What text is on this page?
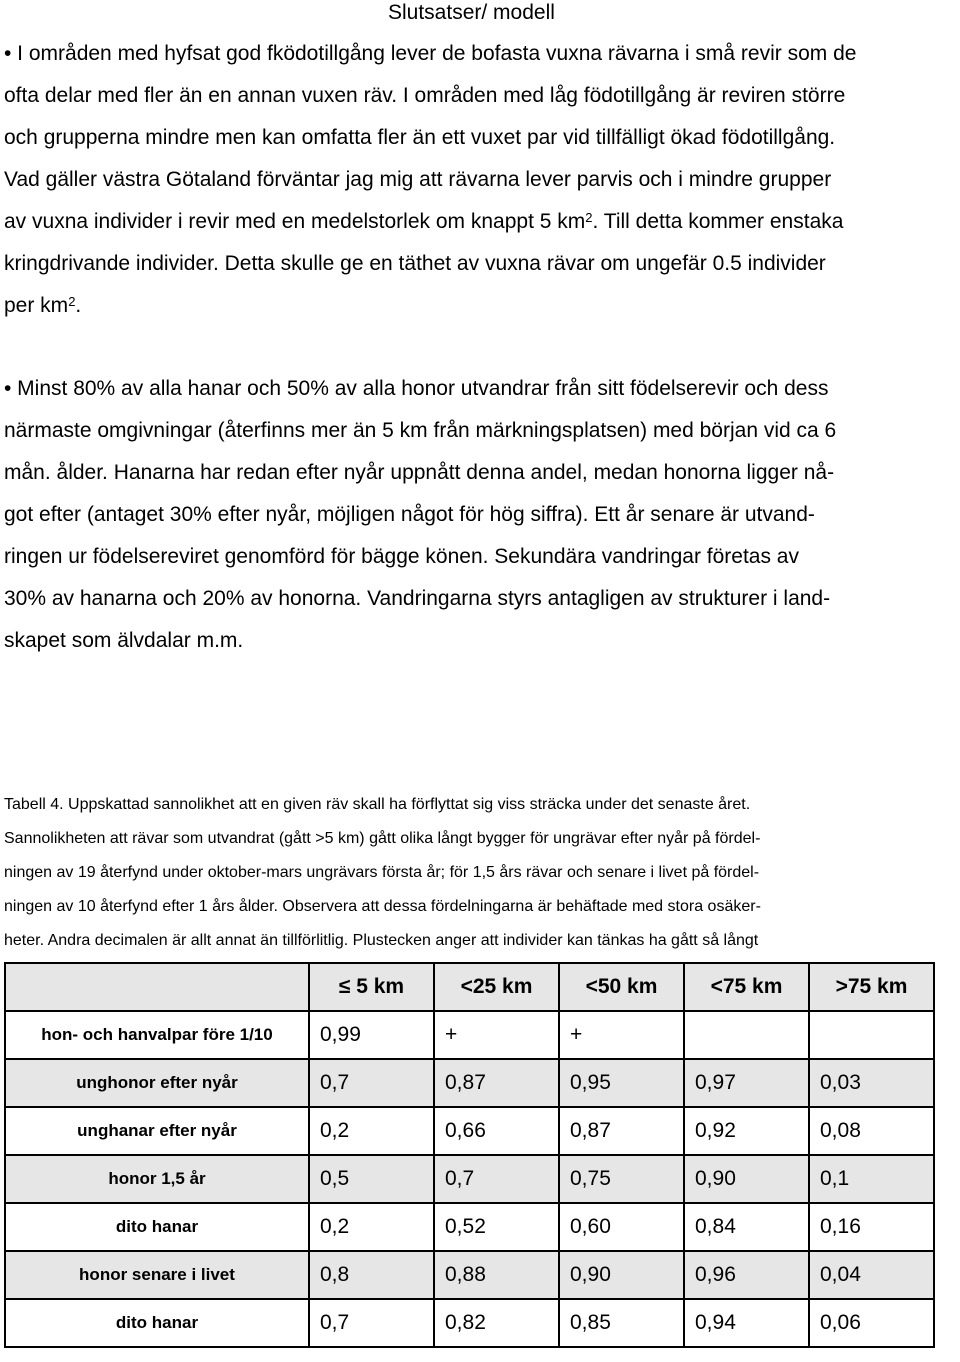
Slutsatser/ modell
• I områden med hyfsat god fködotillgång lever de bofasta vuxna rävarna i små revir som de
ofta delar med fler än en annan vuxen räv. I områden med låg födotillgång är reviren större
och grupperna mindre men kan omfatta fler än ett vuxet par vid tillfälligt ökad födotillgång.
Vad gäller västra Götaland förväntar jag mig att rävarna lever parvis och i mindre grupper
av vuxna individer i revir med en medelstorlek om knappt 5 $km^2$. Till detta kommer enstaka
kringdrivande individer. Detta skulle ge en täthet av vuxna rävar om ungefär 0.5 individer
per $km^2$.
• Minst 80% av alla hanar och 50% av alla honor utvandrar från sitt födelserevir och dess
närmaste omgivningar (återfinns mer än 5 km från märkningsplatsen) med början vid ca 6
mån. ålder. Hanarna har redan efter nyår uppnått denna andel, medan honorna ligger nå-
got efter (antaget 30% efter nyår, möjligen något för hög siffra). Ett år senare är utvand-
ringen ur födelsereviret genomförd för bägge könen. Sekundära vandringar företas av
30% av hanarna och 20% av honorna. Vandringarna styrs antagligen av strukturer i land-
skapet som älvdalar m.m.
Tabell 4. Uppskattad sannolikhet att en given räv skall ha förflyttat sig viss sträcka under det senaste året.
Sannolikheten att rävar som utvandrat (gått >5 km) gått olika långt bygger för ungrävar efter nyår på fördel-
ningen av 19 återfynd under oktober-mars ungrävars första år; för 1,5 års rävar och senare i livet på fördel-
ningen av 10 återfynd efter 1 års ålder. Observera att dessa fördelningarna är behäftade med stora osäker-
heter. Andra decimalen är allt annat än tillförlitlig. Plustecken anger att individer kan tänkas ha gått så långt
	≤ 5 km	<25 km	<50 km	<75 km	>75 km
hon- och hanvalpar före 1/10	0,99	+	+		
unghonor efter nyår	0,7	0,87	0,95	0,97	0,03
unghanar efter nyår	0,2	0,66	0,87	0,92	0,08
honor 1,5 år	0,5	0,7	0,75	0,90	0,1
dito hanar	0,2	0,52	0,60	0,84	0,16
honor senare i livet	0,8	0,88	0,90	0,96	0,04
dito hanar	0,7	0,82	0,85	0,94	0,06
